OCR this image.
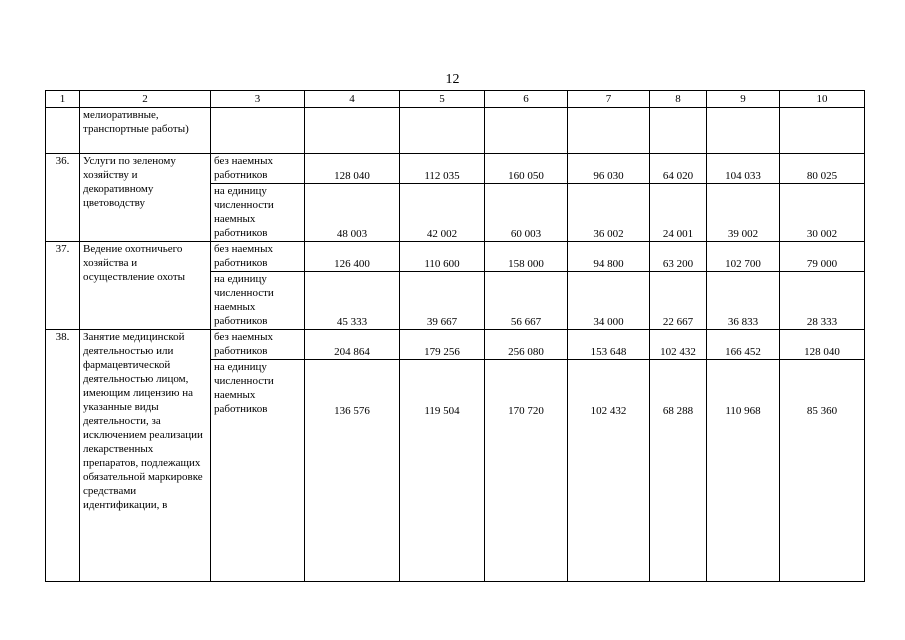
12
1	2	3	4	5	6	7	8	9	10
	мелиоративные, транспортные работы)								
36.	Услуги по зеленому хозяйству и декоративному цветоводству	без наемных работников	128 040	112 035	160 050	96 030	64 020	104 033	80 025
		на единицу численности наемных работников	48 003	42 002	60 003	36 002	24 001	39 002	30 002
37.	Ведение охотничьего хозяйства и осуществление охоты	без наемных работников	126 400	110 600	158 000	94 800	63 200	102 700	79 000
		на единицу численности наемных работников	45 333	39 667	56 667	34 000	22 667	36 833	28 333
38.	Занятие медицинской деятельностью или фармацевтической деятельностью лицом, имеющим лицензию на указанные виды деятельности, за исключением реализации лекарственных препаратов, подлежащих обязательной маркировке средствами идентификации, в	без наемных работников	204 864	179 256	256 080	153 648	102 432	166 452	128 040
		на единицу численности наемных работников	136 576	119 504	170 720	102 432	68 288	110 968	85 360
